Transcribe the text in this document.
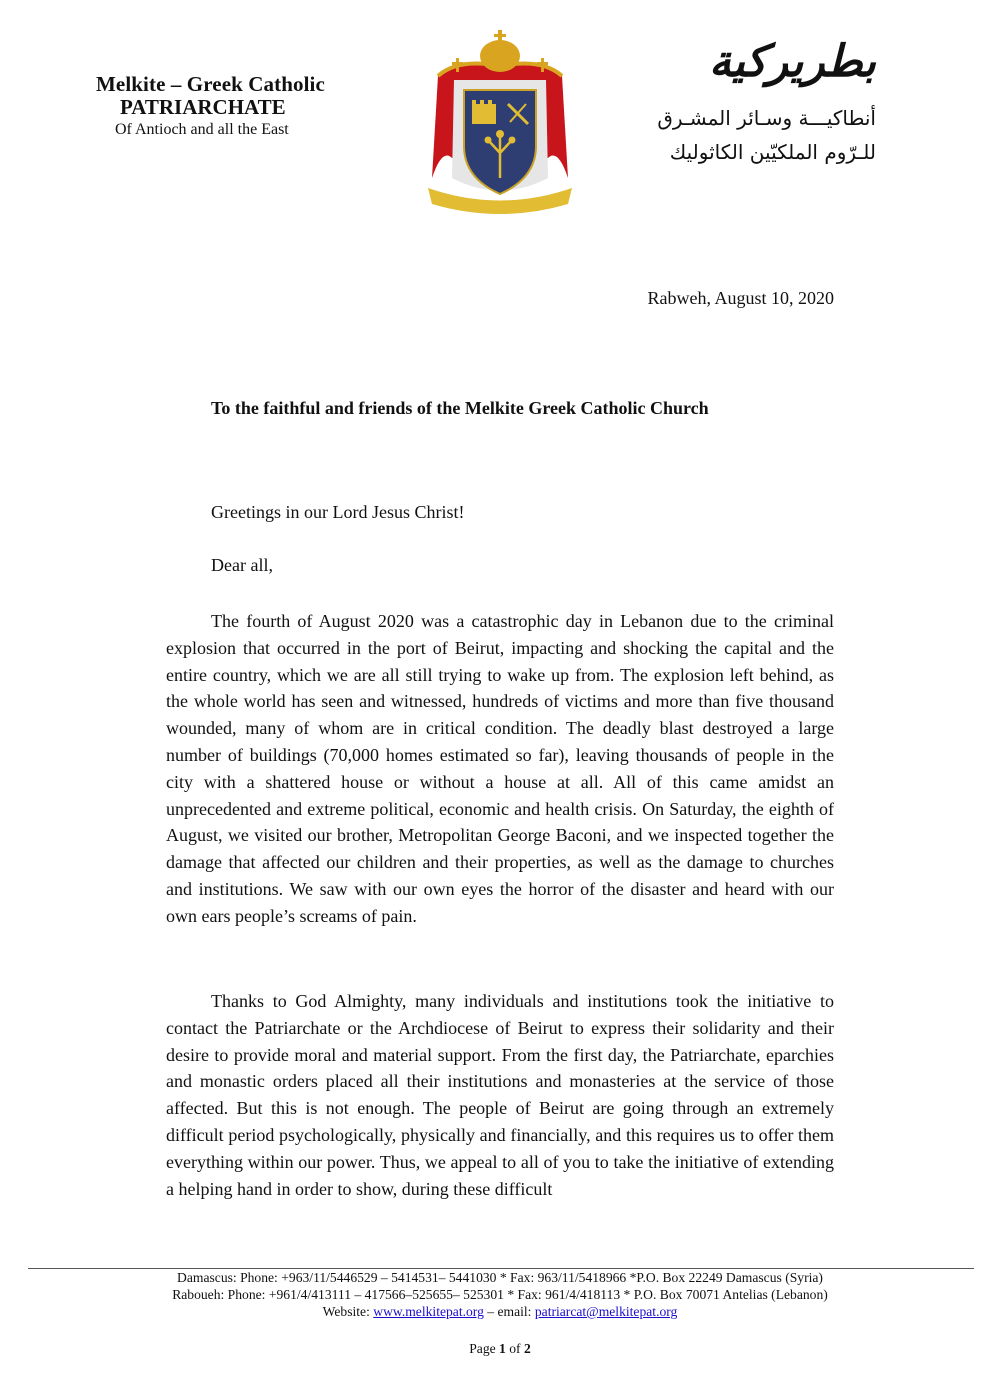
Melkite – Greek Catholic
PATRIARCHATE
Of Antioch and all the East
بطريركية
أنطاكيـــة وسـائر المشـرق
للـرّوم الملكيّين الكاثوليك
Rabweh, August 10, 2020
To the faithful and friends of the Melkite Greek Catholic Church
Greetings in our Lord Jesus Christ!
Dear all,

The fourth of August 2020 was a catastrophic day in Lebanon due to the criminal explosion that occurred in the port of Beirut, impacting and shocking the capital and the entire country, which we are all still trying to wake up from. The explosion left behind, as the whole world has seen and witnessed, hundreds of victims and more than five thousand wounded, many of whom are in critical condition. The deadly blast destroyed a large number of buildings (70,000 homes estimated so far), leaving thousands of people in the city with a shattered house or without a house at all. All of this came amidst an unprecedented and extreme political, economic and health crisis. On Saturday, the eighth of August, we visited our brother, Metropolitan George Baconi, and we inspected together the damage that affected our children and their properties, as well as the damage to churches and institutions. We saw with our own eyes the horror of the disaster and heard with our own ears people’s screams of pain.

Thanks to God Almighty, many individuals and institutions took the initiative to contact the Patriarchate or the Archdiocese of Beirut to express their solidarity and their desire to provide moral and material support. From the first day, the Patriarchate, eparchies and monastic orders placed all their institutions and monasteries at the service of those affected. But this is not enough. The people of Beirut are going through an extremely difficult period psychologically, physically and financially, and this requires us to offer them everything within our power. Thus, we appeal to all of you to take the initiative of extending a helping hand in order to show, during these difficult

Damascus: Phone: +963/11/5446529 – 5414531– 5441030 * Fax: 963/11/5418966 *P.O. Box 22249 Damascus (Syria)
Raboueh: Phone: +961/4/413111 – 417566–525655– 525301 * Fax: 961/4/418113 * P.O. Box 70071 Antelias (Lebanon)
Website: www.melkitepat.org – email: patriarcat@melkitepat.org
Page 1 of 2
